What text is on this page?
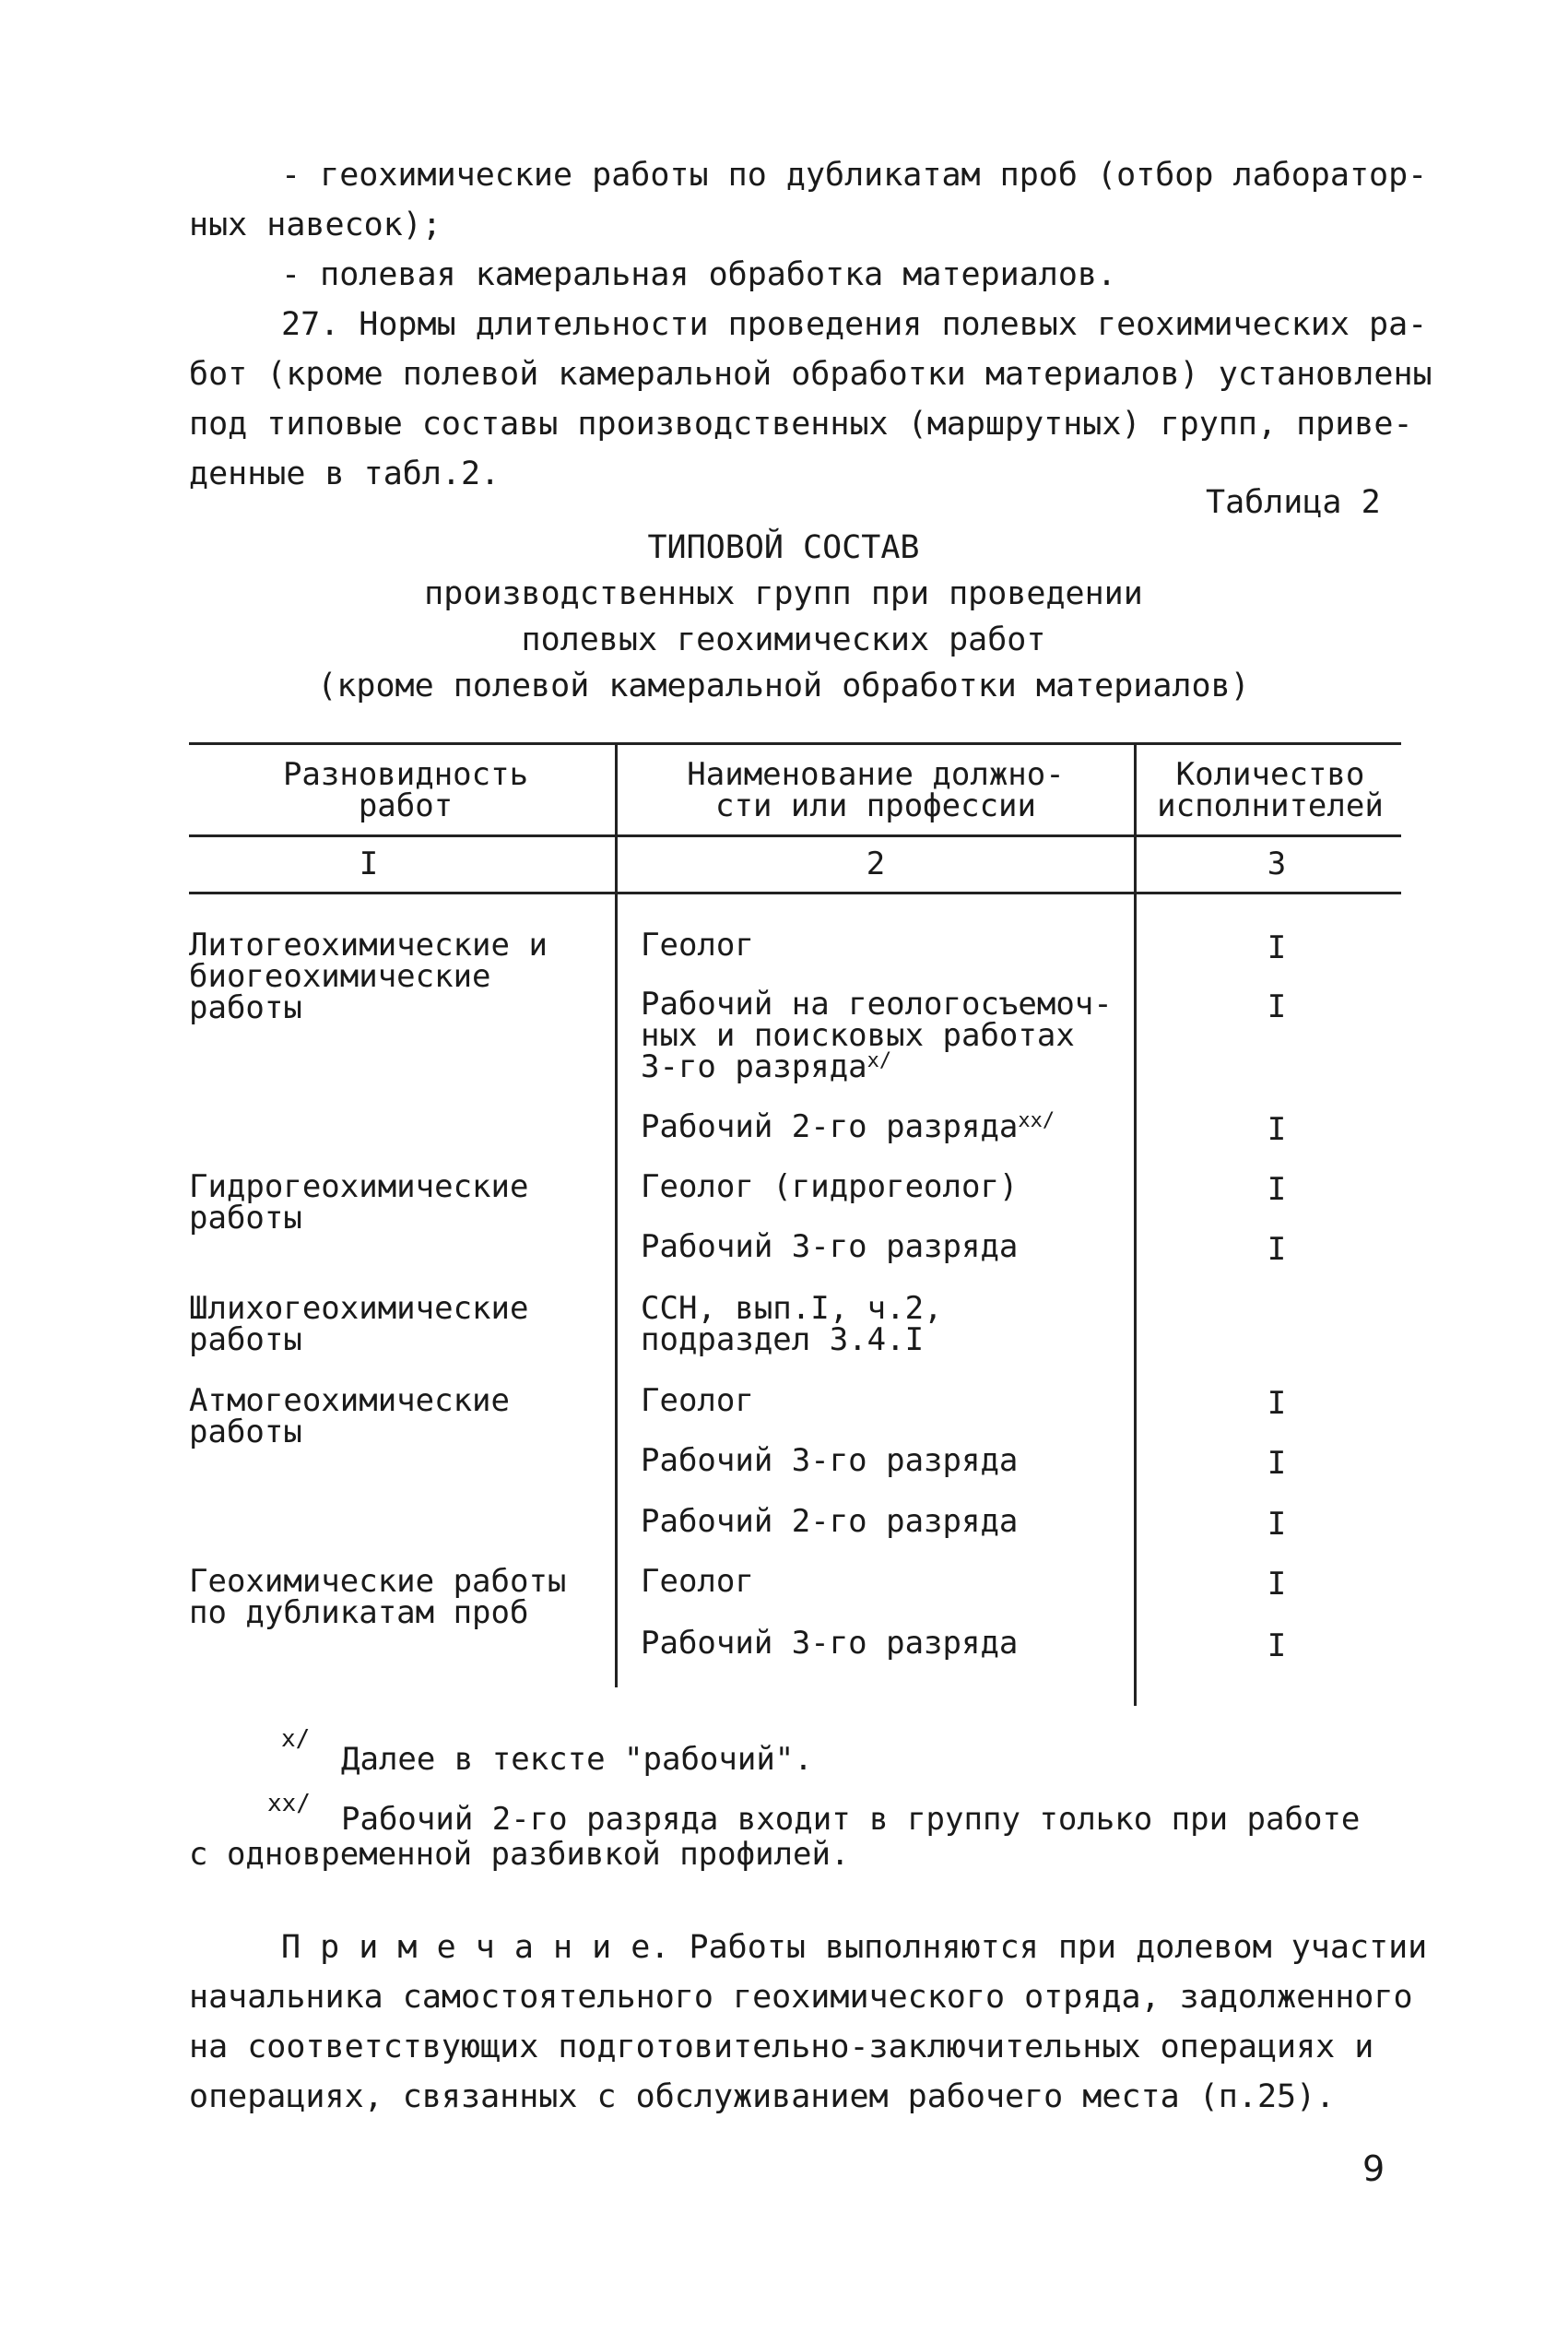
- геохимические работы по дубликатам проб (отбор лаборатор-
ных навесок);
- полевая камеральная обработка материалов.
27. Нормы длительности проведения полевых геохимических ра-
бот (кроме полевой камеральной обработки материалов) установлены
под типовые составы производственных (маршрутных) групп, приве-
денные в табл.2.
Таблица 2
ТИПОВОЙ СОСТАВ
производственных групп при проведении
полевых геохимических работ
(кроме полевой камеральной обработки материалов)
Разновидность
работ
Наименование должно-
сти или профессии
Количество
исполнителей
I	2	3
Литогеохимические и
биогеохимические
работы
Гидрогеохимические
работы
Шлихогеохимические
работы
Атмогеохимические
работы
Геохимические работы
по дубликатам проб
Геолог
Рабочий на геологосъемоч-
ных и поисковых работах
3-го разряда$^{х/}$
Рабочий 2-го разряда$^{хх/}$
Геолог (гидрогеолог)
Рабочий 3-го разряда
ССН, вып.I, ч.2,
подраздел 3.4.I
Геолог
Рабочий 3-го разряда
Рабочий 2-го разряда
Геолог
Рабочий 3-го разряда
I
I
I
I
I
I
I
I
I
I
х/
Далее в тексте "рабочий".
хх/ Рабочий 2-го разряда входит в группу только при работе
с одновременной разбивкой профилей.
П р и м е ч а н и е. Работы выполняются при долевом участии
начальника самостоятельного геохимического отряда, задолженного
на соответствующих подготовительно-заключительных операциях и
операциях, связанных с обслуживанием рабочего места (п.25).
9
